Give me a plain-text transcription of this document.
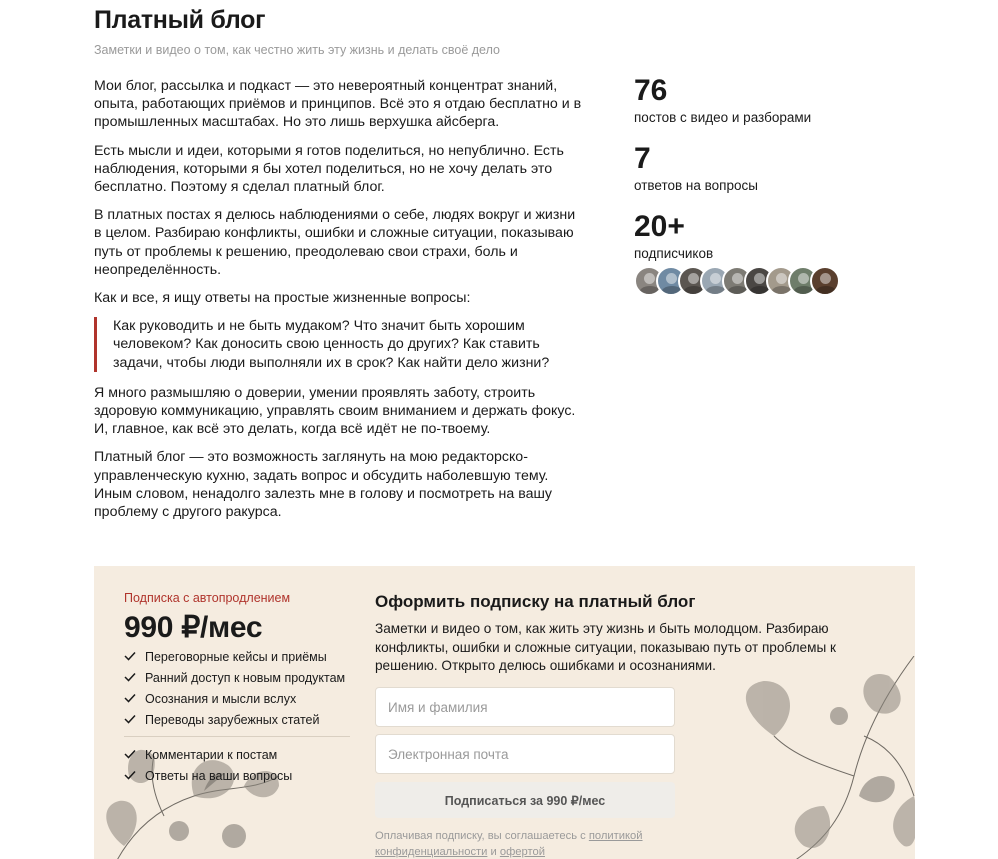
Платный блог
Заметки и видео о том, как честно жить эту жизнь и делать своё дело

Мои блог, рассылка и подкаст — это невероятный концентрат знаний, опыта, работающих приёмов и принципов. Всё это я отдаю бесплатно и в промышленных масштабах. Но это лишь верхушка айсберга.

Есть мысли и идеи, которыми я готов поделиться, но непублично. Есть наблюдения, которыми я бы хотел поделиться, но не хочу делать это бесплатно. Поэтому я сделал платный блог.

В платных постах я делюсь наблюдениями о себе, людях вокруг и жизни в целом. Разбираю конфликты, ошибки и сложные ситуации, показываю путь от проблемы к решению, преодолеваю свои страхи, боль и неопределённость.

Как и все, я ищу ответы на простые жизненные вопросы:

Как руководить и не быть мудаком? Что значит быть хорошим человеком? Как доносить свою ценность до других? Как ставить задачи, чтобы люди выполняли их в срок? Как найти дело жизни?

Я много размышляю о доверии, умении проявлять заботу, строить здоровую коммуникацию, управлять своим вниманием и держать фокус. И, главное, как всё это делать, когда всё идёт не по-твоему.

Платный блог — это возможность заглянуть на мою редакторско-управленческую кухню, задать вопрос и обсудить наболевшую тему. Иным словом, ненадолго залезть мне в голову и посмотреть на вашу проблему с другого ракурса.

76
постов с видео и разборами
7
ответов на вопросы
20+
подписчиков
Подписка с автопродлением
990 ₽/мес
Переговорные кейсы и приёмы
Ранний доступ к новым продуктам
Осознания и мысли вслух
Переводы зарубежных статей
Комментарии к постам
Ответы на ваши вопросы
Оформить подписку на платный блог

Заметки и видео о том, как жить эту жизнь и быть молодцом. Разбираю конфликты, ошибки и сложные ситуации, показываю путь от проблемы к решению. Открыто делюсь ошибками и осознаниями.

Имя и фамилия
Электронная почта
Подписаться за 990 ₽/мес
Оплачивая подписку, вы соглашаетесь с политикой конфиденциальности и офертой
